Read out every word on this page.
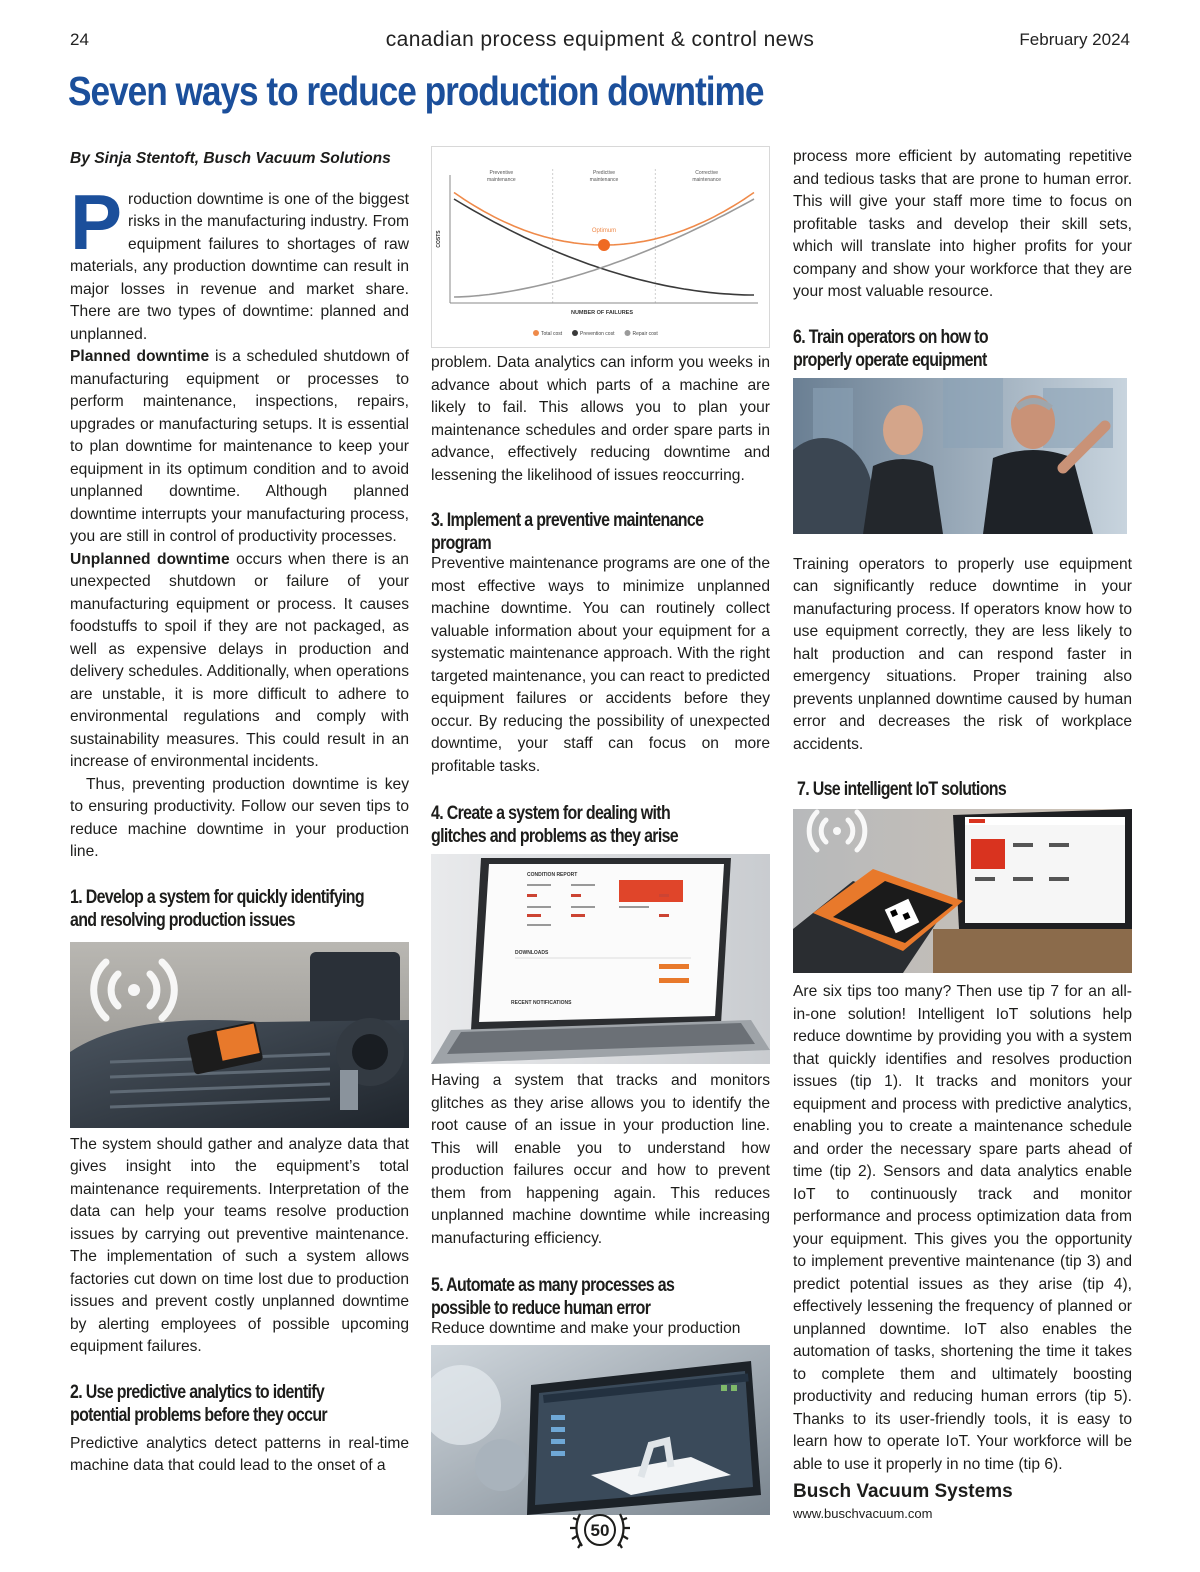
24	canadian process equipment & control news	February 2024
Seven ways to reduce production downtime
By Sinja Stentoft, Busch Vacuum Solutions

Production downtime is one of the biggest risks in the manufacturing industry. From equipment failures to shortages of raw materials, any production downtime can result in major losses in revenue and market share. There are two types of downtime: planned and unplanned.

Planned downtime is a scheduled shutdown of manufacturing equipment or processes to perform maintenance, inspections, repairs, upgrades or manufacturing setups. It is essential to plan downtime for maintenance to keep your equipment in its optimum condition and to avoid unplanned downtime. Although planned downtime interrupts your manufacturing process, you are still in control of productivity processes.

Unplanned downtime occurs when there is an unexpected shutdown or failure of your manufacturing equipment or process. It causes foodstuffs to spoil if they are not packaged, as well as expensive delays in production and delivery schedules. Additionally, when operations are unstable, it is more difficult to adhere to environmental regulations and comply with sustainability measures. This could result in an increase of environmental incidents.

Thus, preventing production downtime is key to ensuring productivity. Follow our seven tips to reduce machine downtime in your production line.

1. Develop a system for quickly identifying
and resolving production issues

The system should gather and analyze data that gives insight into the equipment’s total maintenance requirements. Interpretation of the data can help your teams resolve production issues by carrying out preventive maintenance. The implementation of such a system allows factories cut down on time lost due to production issues and prevent costly unplanned downtime by alerting employees of possible upcoming equipment failures.

2. Use predictive analytics to identify
potential problems before they occur

Predictive analytics detect patterns in real-time machine data that could lead to the onset of a

Preventive
maintenance
Predictive
maintenance
Corrective
maintenance
COSTS
NUMBER OF FAILURES
Optimum
Total cost	Prevention cost	Repair cost

problem. Data analytics can inform you weeks in advance about which parts of a machine are likely to fail. This allows you to plan your maintenance schedules and order spare parts in advance, effectively reducing downtime and lessening the likelihood of issues reoccurring.

3. Implement a preventive maintenance program

Preventive maintenance programs are one of the most effective ways to minimize unplanned machine downtime. You can routinely collect valuable information about your equipment for a systematic maintenance approach. With the right targeted maintenance, you can react to predicted equipment failures or accidents before they occur. By reducing the possibility of unexpected downtime, your staff can focus on more profitable tasks.

4. Create a system for dealing with
glitches and problems as they arise
CONDITION REPORT
DOWNLOADS
RECENT NOTIFICATIONS

Having a system that tracks and monitors glitches as they arise allows you to identify the root cause of an issue in your production line. This will enable you to understand how production failures occur and how to prevent them from happening again. This reduces unplanned machine downtime while increasing manufacturing efficiency.

5. Automate as many processes as
possible to reduce human error

Reduce downtime and make your production

process more efficient by automating repetitive and tedious tasks that are prone to human error. This will give your staff more time to focus on profitable tasks and develop their skill sets, which will translate into higher profits for your company and show your workforce that they are your most valuable resource.

6. Train operators on how to
properly operate equipment

Training operators to properly use equipment can significantly reduce downtime in your manufacturing process. If operators know how to use equipment correctly, they are less likely to halt production and can respond faster in emergency situations. Proper training also prevents unplanned downtime caused by human error and decreases the risk of workplace accidents.

7. Use intelligent IoT solutions

Are six tips too many? Then use tip 7 for an all-in-one solution! Intelligent IoT solutions help reduce downtime by providing you with a system that quickly identifies and resolves production issues (tip 1). It tracks and monitors your equipment and process with predictive analytics, enabling you to create a maintenance schedule and order the necessary spare parts ahead of time (tip 2). Sensors and data analytics enable IoT to continuously track and monitor performance and process optimization data from your equipment. This gives you the opportunity to implement preventive maintenance (tip 3) and predict potential issues as they arise (tip 4), effectively lessening the frequency of planned or unplanned downtime. IoT also enables the automation of tasks, shortening the time it takes to complete them and ultimately boosting productivity and reducing human errors (tip 5). Thanks to its user-friendly tools, it is easy to learn how to operate IoT. Your workforce will be able to use it properly in no time (tip 6).

Busch Vacuum Systems
www.buschvacuum.com
50
